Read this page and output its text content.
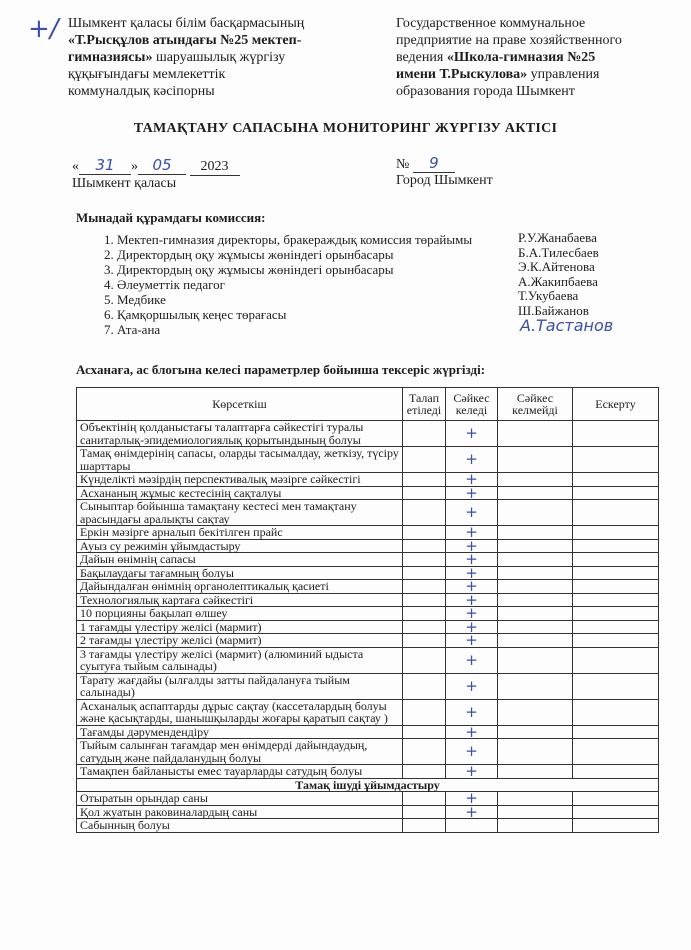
+/ Шымкент қаласы білім басқармасының
«Т.Рысқұлов атындағы №25 мектеп-
гимназиясы» шаруашылық жүргізу
құқығындағы мемлекеттік
коммуналдық кәсіпорны
Государственное коммунальное
предприятие на праве хозяйственного
ведения «Школа-гимназия №25
имени Т.Рыскулова» управления
образования города Шымкент
ТАМАҚТАНУ САПАСЫНА МОНИТОРИНГ ЖҮРГІЗУ АКТІСІ
« 31 » 05 2023
Шымкент қаласы
№ 9
Город Шымкент
Мынадай құрамдағы комиссия:
1. Мектеп-гимназия директоры, бракераждық комиссия төрайымы
2. Директордың оқу жұмысы жөніндегі орынбасары
3. Директордың оқу жұмысы жөніндегі орынбасары
4. Әлеуметтік педагог
5. Медбике
6. Қамқоршылық кеңес төрағасы
7. Ата-ана
Р.У.Жанабаева
Б.А.Тилесбаев
Э.К.Айтенова
А.Жакипбаева
Т.Укубаева
Ш.Байжанов
А.Тастанов
Асханаға, ас блогына келесі параметрлер бойынша тексеріс жүргізді:
Көрсеткіш	Талап етіледі	Сәйкес келеді	Сәйкес келмейді	Ескерту
Объектінің қолданыстағы талаптарға сәйкестігі туралы санитарлық-эпидемиологиялық қорытындының болуы		+		
Тамақ өнімдерінің сапасы, оларды тасымалдау, жеткізу, түсіру шарттары		+		
Күнделікті мәзірдің перспективалық мәзірге сәйкестігі		+		
Асхананың жұмыс кестесінің сақталуы		+		
Сыныптар бойынша тамақтану кестесі мен тамақтану арасындағы аралықты сақтау		+		
Еркін мәзірге арналып бекітілген прайс		+		
Ауыз су режимін ұйымдастыру		+		
Дайын өнімнің сапасы		+		
Бақылаудағы тағамның болуы		+		
Дайындалған өнімнің органолептикалық қасиеті		+		
Технологиялық картаға сәйкестігі		+		
10 порцияны бақылап өлшеу		+		
1 тағамды үлестіру желісі (мармит)		+		
2 тағамды үлестіру желісі (мармит)		+		
3 тағамды үлестіру желісі (мармит) (алюминий ыдыста суытуға тыйым салынады)		+		
Тарату жағдайы (ылғалды затты пайдалануға тыйым салынады)		+		
Асханалық аспаптарды дұрыс сақтау (кассеталардың болуы және қасықтарды, шанышқыларды жоғары қаратып сақтау )		+		
Тағамды дәрумендендіру		+		
Тыйым салынған тағамдар мен өнімдерді дайындаудың, сатудың және пайдаланудың болуы		+		
Тамақпен байланысты емес тауарларды сатудың болуы		+		
Тамақ ішуді ұйымдастыру				
Отыратын орындар саны		+		
Қол жуатын раковиналардың саны		+		
Сабынның болуы				
